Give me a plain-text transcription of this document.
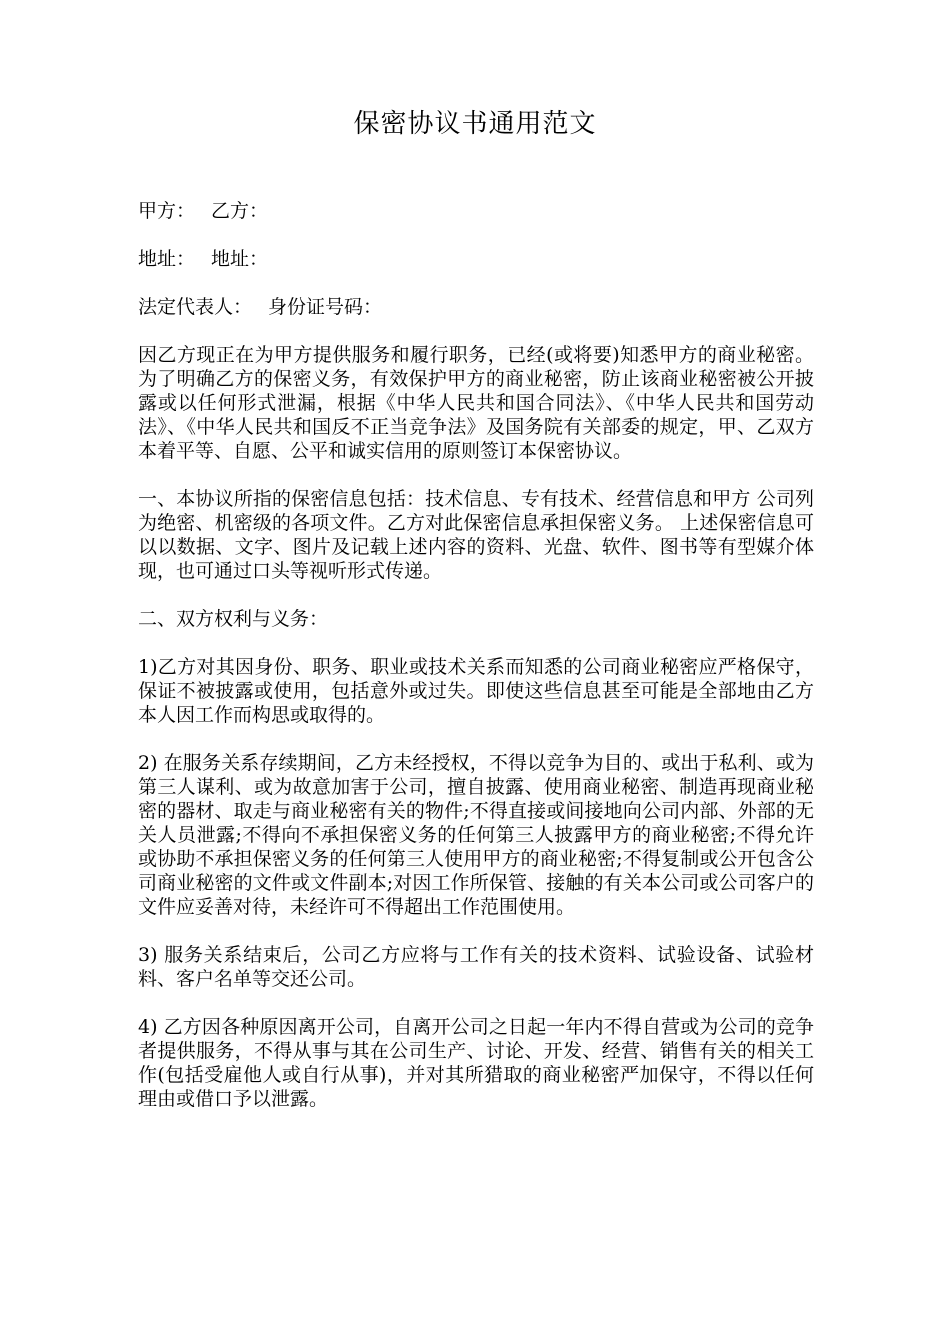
保密协议书通用范文

甲方： 乙方：

地址： 地址：

法定代表人： 身份证号码：

因乙方现正在为甲方提供服务和履行职务，已经(或将要)知悉甲方的商业秘密。为了明确乙方的保密义务，有效保护甲方的商业秘密，防止该商业秘密被公开披露或以任何形式泄漏，根据《中华人民共和国合同法》、《中华人民共和国劳动法》、《中华人民共和国反不正当竞争法》及国务院有关部委的规定，甲、乙双方本着平等、自愿、公平和诚实信用的原则签订本保密协议。

一、本协议所指的保密信息包括：技术信息、专有技术、经营信息和甲方 公司列为绝密、机密级的各项文件。乙方对此保密信息承担保密义务。 上述保密信息可以以数据、文字、图片及记载上述内容的资料、光盘、软件、图书等有型媒介体现，也可通过口头等视听形式传递。

二、双方权利与义务：

1)乙方对其因身份、职务、职业或技术关系而知悉的公司商业秘密应严格保守，保证不被披露或使用，包括意外或过失。即使这些信息甚至可能是全部地由乙方本人因工作而构思或取得的。

2) 在服务关系存续期间，乙方未经授权，不得以竞争为目的、或出于私利、或为第三人谋利、或为故意加害于公司，擅自披露、使用商业秘密、制造再现商业秘密的器材、取走与商业秘密有关的物件;不得直接或间接地向公司内部、外部的无关人员泄露;不得向不承担保密义务的任何第三人披露甲方的商业秘密;不得允许或协助不承担保密义务的任何第三人使用甲方的商业秘密;不得复制或公开包含公司商业秘密的文件或文件副本;对因工作所保管、接触的有关本公司或公司客户的文件应妥善对待，未经许可不得超出工作范围使用。

3) 服务关系结束后，公司乙方应将与工作有关的技术资料、试验设备、试验材料、客户名单等交还公司。

4) 乙方因各种原因离开公司，自离开公司之日起一年内不得自营或为公司的竞争者提供服务，不得从事与其在公司生产、讨论、开发、经营、销售有关的相关工作(包括受雇他人或自行从事)，并对其所猎取的商业秘密严加保守，不得以任何理由或借口予以泄露。
